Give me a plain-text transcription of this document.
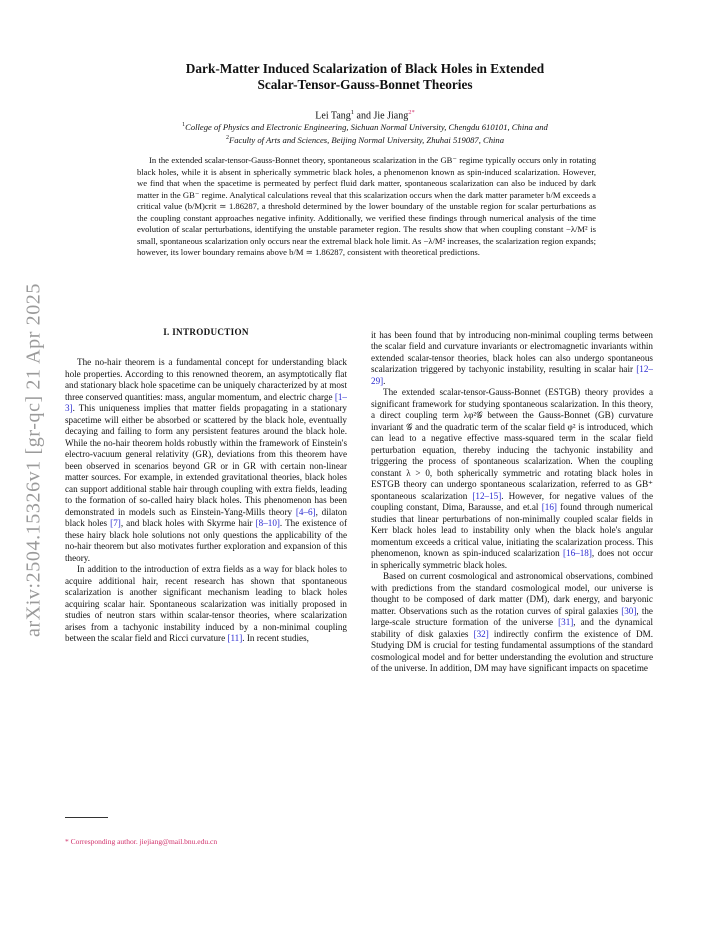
arXiv:2504.15326v1 [gr-qc] 21 Apr 2025
Dark-Matter Induced Scalarization of Black Holes in Extended
Scalar-Tensor-Gauss-Bonnet Theories
Lei Tang$^1$ and Jie Jiang$^{2*}$
$^1$College of Physics and Electronic Engineering, Sichuan Normal University, Chengdu 610101, China and
$^2$Faculty of Arts and Sciences, Beijing Normal University, Zhuhai 519087, China
In the extended scalar-tensor-Gauss-Bonnet theory, spontaneous scalarization in the GB⁻ regime typically occurs only in rotating black holes, while it is absent in spherically symmetric black holes, a phenomenon known as spin-induced scalarization. However, we find that when the spacetime is permeated by perfect fluid dark matter, spontaneous scalarization can also be induced by dark matter in the GB⁻ regime. Analytical calculations reveal that this scalarization occurs when the dark matter parameter b/M exceeds a critical value (b/M)crit ≃ 1.86287, a threshold determined by the lower boundary of the unstable region for scalar perturbations as the coupling constant approaches negative infinity. Additionally, we verified these findings through numerical analysis of the time evolution of scalar perturbations, identifying the unstable parameter region. The results show that when coupling constant −λ/M² is small, spontaneous scalarization only occurs near the extremal black hole limit. As −λ/M² increases, the scalarization region expands; however, its lower boundary remains above b/M ≃ 1.86287, consistent with theoretical predictions.
I. INTRODUCTION

The no-hair theorem is a fundamental concept for understanding black hole properties. According to this renowned theorem, an asymptotically flat and stationary black hole spacetime can be uniquely characterized by at most three conserved quantities: mass, angular momentum, and electric charge [1–3]. This uniqueness implies that matter fields propagating in a stationary spacetime will either be absorbed or scattered by the black hole, eventually decaying and failing to form any persistent features around the black hole. While the no-hair theorem holds robustly within the framework of Einstein's electro-vacuum general relativity (GR), deviations from this theorem have been observed in scenarios beyond GR or in GR with certain non-linear matter sources. For example, in extended gravitational theories, black holes can support additional stable hair through coupling with extra fields, leading to the formation of so-called hairy black holes. This phenomenon has been demonstrated in models such as Einstein-Yang-Mills theory [4–6], dilaton black holes [7], and black holes with Skyrme hair [8–10]. The existence of these hairy black hole solutions not only questions the applicability of the no-hair theorem but also motivates further exploration and expansion of this theory.

In addition to the introduction of extra fields as a way for black holes to acquire additional hair, recent research has shown that spontaneous scalarization is another significant mechanism leading to black holes acquiring scalar hair. Spontaneous scalarization was initially proposed in studies of neutron stars within scalar-tensor theories, where scalarization arises from a tachyonic instability induced by a non-minimal coupling between the scalar field and Ricci curvature [11]. In recent studies,

it has been found that by introducing non-minimal coupling terms between the scalar field and curvature invariants or electromagnetic invariants within extended scalar-tensor theories, black holes can also undergo spontaneous scalarization triggered by tachyonic instability, resulting in scalar hair [12–29].

The extended scalar-tensor-Gauss-Bonnet (ESTGB) theory provides a significant framework for studying spontaneous scalarization. In this theory, a direct coupling term λφ²𝒢 between the Gauss-Bonnet (GB) curvature invariant 𝒢 and the quadratic term of the scalar field φ² is introduced, which can lead to a negative effective mass-squared term in the scalar field perturbation equation, thereby inducing the tachyonic instability and triggering the process of spontaneous scalarization. When the coupling constant λ > 0, both spherically symmetric and rotating black holes in ESTGB theory can undergo spontaneous scalarization, referred to as GB⁺ spontaneous scalarization [12–15]. However, for negative values of the coupling constant, Dima, Barausse, and et.al [16] found through numerical studies that linear perturbations of non-minimally coupled scalar fields in Kerr black holes lead to instability only when the black hole's angular momentum exceeds a critical value, initiating the scalarization process. This phenomenon, known as spin-induced scalarization [16–18], does not occur in spherically symmetric black holes.

Based on current cosmological and astronomical observations, combined with predictions from the standard cosmological model, our universe is thought to be composed of dark matter (DM), dark energy, and baryonic matter. Observations such as the rotation curves of spiral galaxies [30], the large-scale structure formation of the universe [31], and the dynamical stability of disk galaxies [32] indirectly confirm the existence of DM. Studying DM is crucial for testing fundamental assumptions of the standard cosmological model and for better understanding the evolution and structure of the universe. In addition, DM may have significant impacts on spacetime

* Corresponding author. jiejiang@mail.bnu.edu.cn
